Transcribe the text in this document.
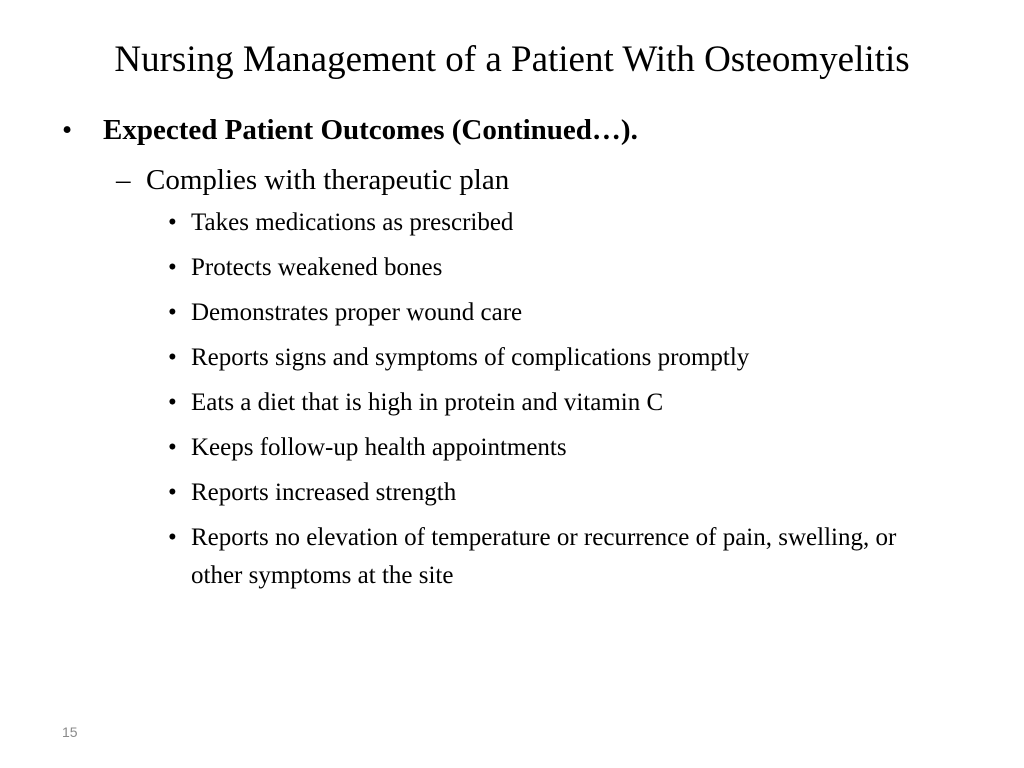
Nursing Management of a Patient With Osteomyelitis
• Expected Patient Outcomes (Continued…).
– Complies with therapeutic plan
• Takes medications as prescribed
• Protects weakened bones
• Demonstrates proper wound care
• Reports signs and symptoms of complications promptly
• Eats a diet that is high in protein and vitamin C
• Keeps follow-up health appointments
• Reports increased strength
• Reports no elevation of temperature or recurrence of pain, swelling, or other symptoms at the site
15
